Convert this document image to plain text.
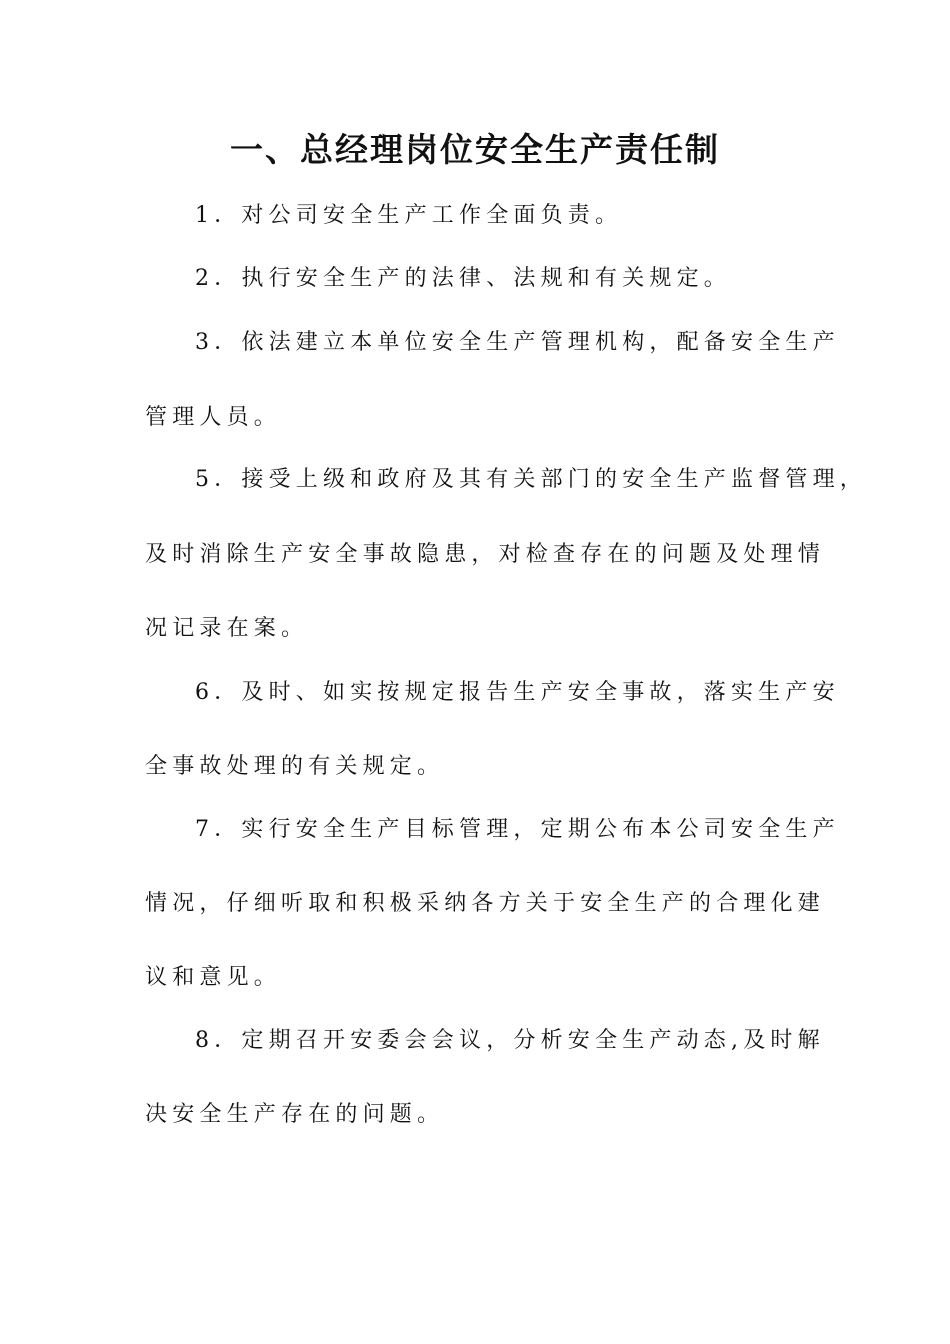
一、总经理岗位安全生产责任制
1．对公司安全生产工作全面负责。
2．执行安全生产的法律、法规和有关规定。
3．依法建立本单位安全生产管理机构，配备安全生产
管理人员。
5．接受上级和政府及其有关部门的安全生产监督管理，
及时消除生产安全事故隐患，对检查存在的问题及处理情
况记录在案。
6．及时、如实按规定报告生产安全事故，落实生产安
全事故处理的有关规定。
7．实行安全生产目标管理，定期公布本公司安全生产
情况，仔细听取和积极采纳各方关于安全生产的合理化建
议和意见。
8．定期召开安委会会议，分析安全生产动态,及时解
决安全生产存在的问题。
